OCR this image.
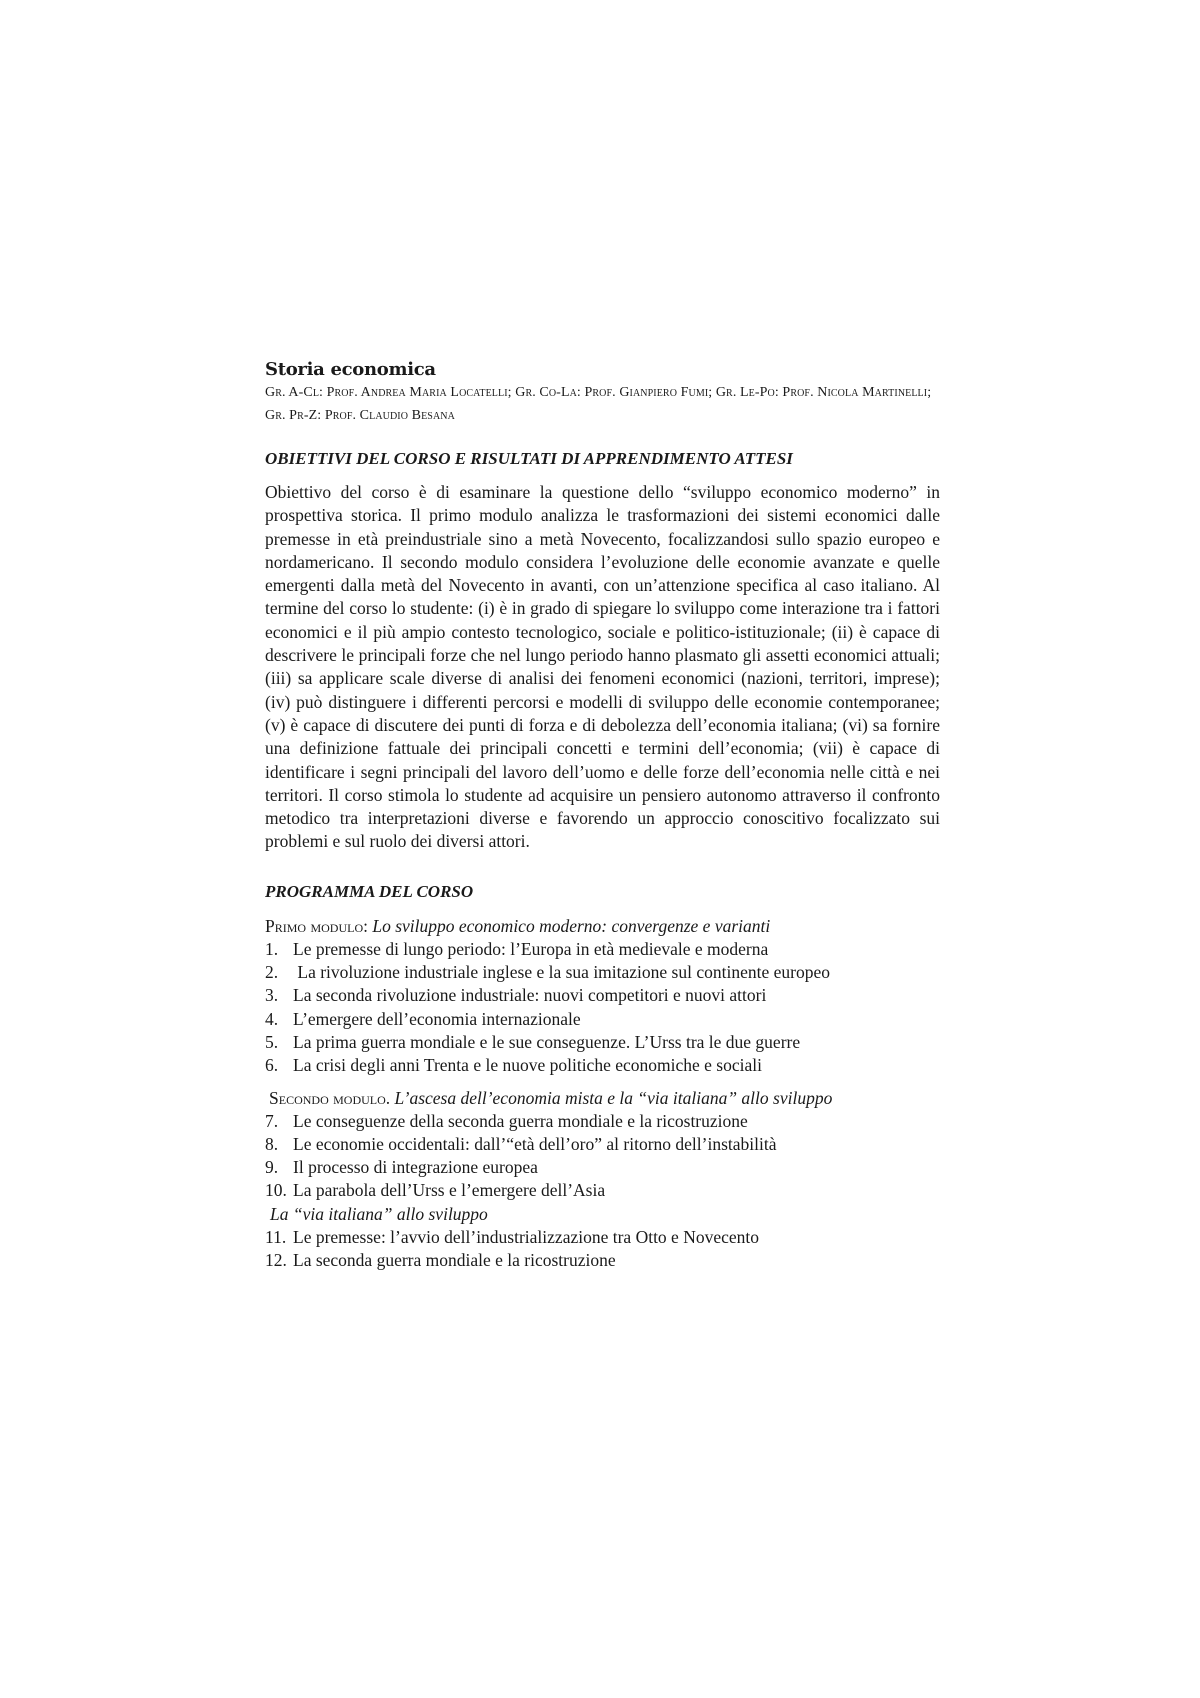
Storia economica

Gr. A-Cl: Prof. Andrea Maria Locatelli; Gr. Co-La: Prof. Gianpiero Fumi; Gr. Le-Po: Prof. Nicola Martinelli; Gr. Pr-Z: Prof. Claudio Besana

OBIETTIVI DEL CORSO E RISULTATI DI APPRENDIMENTO ATTESI

Obiettivo del corso è di esaminare la questione dello “sviluppo economico moderno” in prospettiva storica. Il primo modulo analizza le trasformazioni dei sistemi economici dalle premesse in età preindustriale sino a metà Novecento, focalizzandosi sullo spazio europeo e nordamericano. Il secondo modulo considera l’evoluzione delle economie avanzate e quelle emergenti dalla metà del Novecento in avanti, con un’attenzione specifica al caso italiano. Al termine del corso lo studente: (i) è in grado di spiegare lo sviluppo come interazione tra i fattori economici e il più ampio contesto tecnologico, sociale e politico-istituzionale; (ii) è capace di descrivere le principali forze che nel lungo periodo hanno plasmato gli assetti economici attuali; (iii) sa applicare scale diverse di analisi dei fenomeni economici (nazioni, territori, imprese); (iv) può distinguere i differenti percorsi e modelli di sviluppo delle economie contemporanee; (v) è capace di discutere dei punti di forza e di debolezza dell’economia italiana; (vi) sa fornire una definizione fattuale dei principali concetti e termini dell’economia; (vii) è capace di identificare i segni principali del lavoro dell’uomo e delle forze dell’economia nelle città e nei territori. Il corso stimola lo studente ad acquisire un pensiero autonomo attraverso il confronto metodico tra interpretazioni diverse e favorendo un approccio conoscitivo focalizzato sui problemi e sul ruolo dei diversi attori.

PROGRAMMA DEL CORSO

Primo modulo: Lo sviluppo economico moderno: convergenze e varianti

1. Le premesse di lungo periodo: l’Europa in età medievale e moderna
2. La rivoluzione industriale inglese e la sua imitazione sul continente europeo
3. La seconda rivoluzione industriale: nuovi competitori e nuovi attori
4. L’emergere dell’economia internazionale
5. La prima guerra mondiale e le sue conseguenze. L’Urss tra le due guerre
6. La crisi degli anni Trenta e le nuove politiche economiche e sociali

Secondo modulo. L’ascesa dell’economia mista e la “via italiana” allo sviluppo

7. Le conseguenze della seconda guerra mondiale e la ricostruzione
8. Le economie occidentali: dall’“età dell’oro” al ritorno dell’instabilità
9. Il processo di integrazione europea
10. La parabola dell’Urss e l’emergere dell’Asia

La “via italiana” allo sviluppo

11. Le premesse: l’avvio dell’industrializzazione tra Otto e Novecento
12. La seconda guerra mondiale e la ricostruzione
